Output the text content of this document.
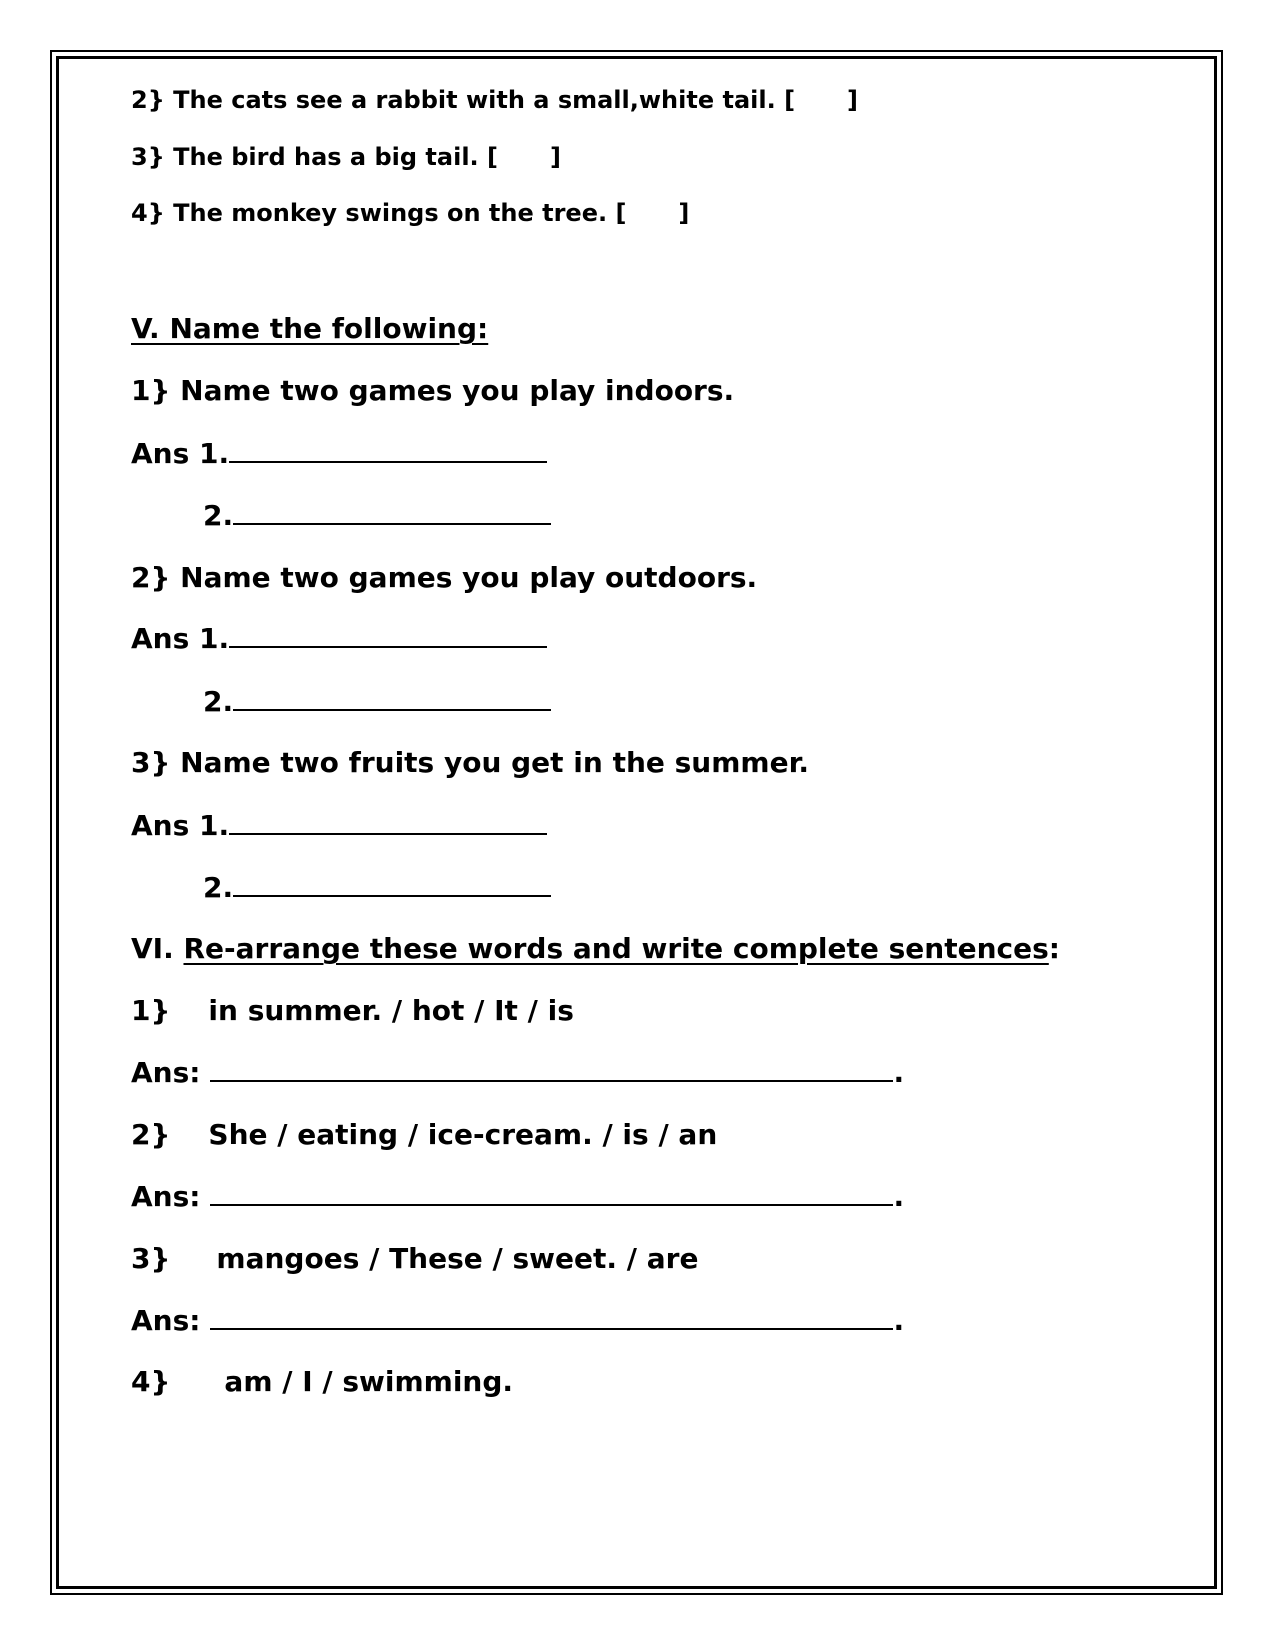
2} The cats see a rabbit with a small,white tail. [ ]
3} The bird has a big tail. [ ]
4} The monkey swings on the tree. [ ]
V. Name the following:
1} Name two games you play indoors.
Ans 1.
2.
2} Name two games you play outdoors.
Ans 1.
2.
3} Name two fruits you get in the summer.
Ans 1.
2.
VI. Re-arrange these words and write complete sentences:
1} in summer. / hot / It / is
Ans:	.
2} She / eating / ice-cream. / is / an
Ans:	.
3} mangoes / These / sweet. / are
Ans:	.
4} am / I / swimming.
